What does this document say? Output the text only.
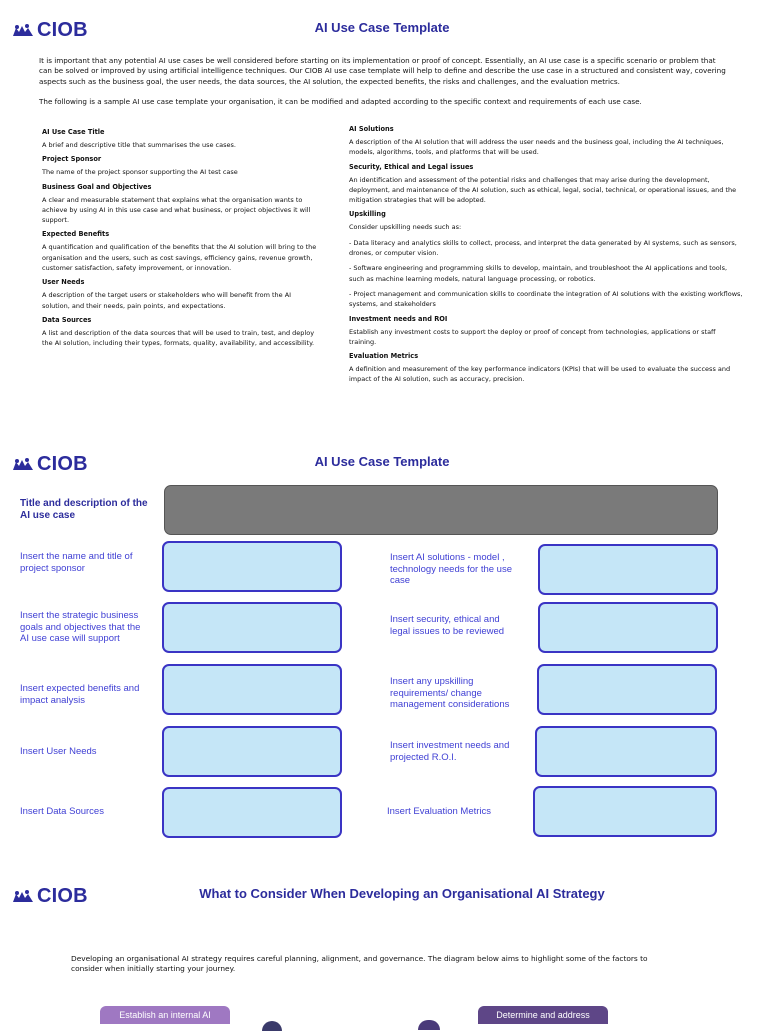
CIOB	AI Use Case Template
It is important that any potential AI use cases be well considered before starting on its implementation or proof of concept. Essentially, an AI use case is a specific scenario or problem that can be solved or improved by using artificial intelligence techniques. Our CIOB AI use case template will help to define and describe the use case in a structured and consistent way, covering aspects such as the business goal, the user needs, the data sources, the AI solution, the expected benefits, the risks and challenges, and the evaluation metrics.
The following is a sample AI use case template your organisation, it can be modified and adapted according to the specific context and requirements of each use case.
AI Use Case Title
A brief and descriptive title that summarises the use cases.
Project Sponsor
The name of the project sponsor supporting the AI test case
Business Goal and Objectives
A clear and measurable statement that explains what the organisation wants to achieve by using AI in this use case and what business, or project objectives it will support.
Expected Benefits
A quantification and qualification of the benefits that the AI solution will bring to the organisation and the users, such as cost savings, efficiency gains, revenue growth, customer satisfaction, safety improvement, or innovation.
User Needs
A description of the target users or stakeholders who will benefit from the AI solution, and their needs, pain points, and expectations.
Data Sources
A list and description of the data sources that will be used to train, test, and deploy the AI solution, including their types, formats, quality, availability, and accessibility.
AI Solutions
A description of the AI solution that will address the user needs and the business goal, including the AI techniques, models, algorithms, tools, and platforms that will be used.
Security, Ethical and Legal issues
An identification and assessment of the potential risks and challenges that may arise during the development, deployment, and maintenance of the AI solution, such as ethical, legal, social, technical, or operational issues, and the mitigation strategies that will be adopted.
Upskilling
Consider upskilling needs such as:
- Data literacy and analytics skills to collect, process, and interpret the data generated by AI systems, such as sensors, drones, or computer vision.
- Software engineering and programming skills to develop, maintain, and troubleshoot the AI applications and tools, such as machine learning models, natural language processing, or robotics.
- Project management and communication skills to coordinate the integration of AI solutions with the existing workflows, systems, and stakeholders
Investment needs and ROI
Establish any investment costs to support the deploy or proof of concept from technologies, applications or staff training.
Evaluation Metrics
A definition and measurement of the key performance indicators (KPIs) that will be used to evaluate the success and impact of the AI solution, such as accuracy, precision.
CIOB	AI Use Case Template
Title and description of the AI use case
Insert the name and title of project sponsor
Insert the strategic business goals and objectives that the AI use case will support
Insert expected benefits and impact analysis
Insert User Needs
Insert Data Sources
Insert AI solutions - model , technology needs for the use case
Insert security, ethical and legal issues to be reviewed
Insert any upskilling requirements/ change management considerations
Insert investment needs and projected R.O.I.
Insert Evaluation Metrics
CIOB	What to Consider When Developing an Organisational AI Strategy
Developing an organisational AI strategy requires careful planning, alignment, and governance. The diagram below aims to highlight some of the factors to consider when initially starting your journey.
Establish an internal AI	Determine and address
